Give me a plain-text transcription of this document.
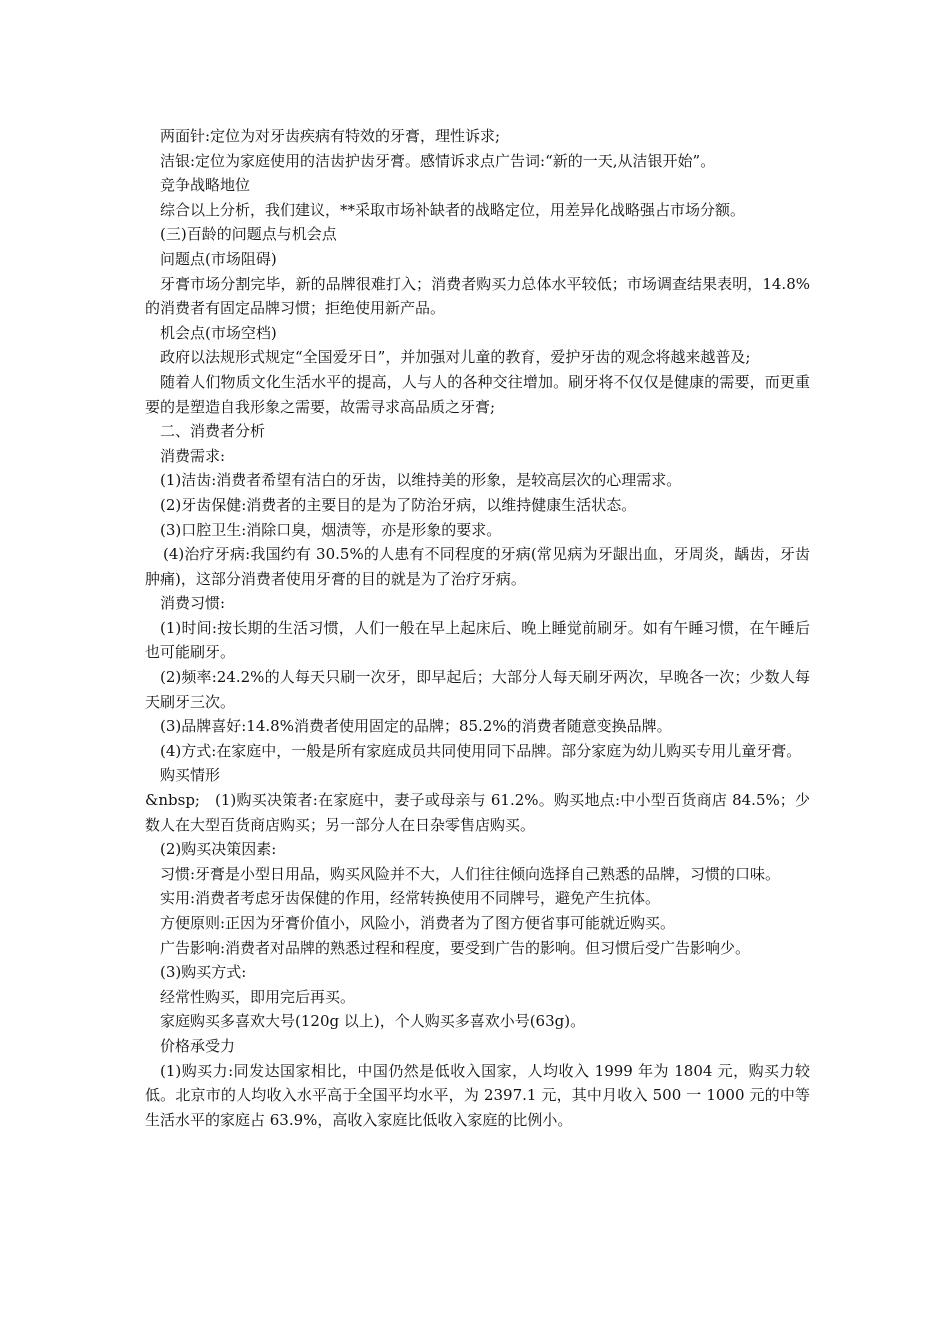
两面针:定位为对牙齿疾病有特效的牙膏，理性诉求;

洁银:定位为家庭使用的洁齿护齿牙膏。感情诉求点广告词:“新的一天,从洁银开始”。

竞争战略地位

综合以上分析，我们建议，**采取市场补缺者的战略定位，用差异化战略强占市场分额。

(三)百龄的问题点与机会点

问题点(市场阻碍)

牙膏市场分割完毕，新的品牌很难打入；消费者购买力总体水平较低；市场调查结果表明，14.8%的消费者有固定品牌习惯；拒绝使用新产品。

机会点(市场空档)

政府以法规形式规定“全国爱牙日”，并加强对儿童的教育，爱护牙齿的观念将越来越普及;

随着人们物质文化生活水平的提高，人与人的各种交往增加。刷牙将不仅仅是健康的需要，而更重要的是塑造自我形象之需要，故需寻求高品质之牙膏;

二、消费者分析

消费需求:

(1)洁齿:消费者希望有洁白的牙齿，以维持美的形象，是较高层次的心理需求。

(2)牙齿保健:消费者的主要目的是为了防治牙病，以维持健康生活状态。

(3)口腔卫生:消除口臭，烟渍等，亦是形象的要求。

(4)治疗牙病:我国约有 30.5%的人患有不同程度的牙病(常见病为牙龈出血，牙周炎，龋齿，牙齿肿痛)，这部分消费者使用牙膏的目的就是为了治疗牙病。

消费习惯:

(1)时间:按长期的生活习惯，人们一般在早上起床后、晚上睡觉前刷牙。如有午睡习惯，在午睡后也可能刷牙。

(2)频率:24.2%的人每天只刷一次牙，即早起后；大部分人每天刷牙两次，早晚各一次；少数人每天刷牙三次。

(3)品牌喜好:14.8%消费者使用固定的品牌；85.2%的消费者随意变换品牌。

(4)方式:在家庭中，一般是所有家庭成员共同使用同下品牌。部分家庭为幼儿购买专用儿童牙膏。

购买情形

&nbsp;   (1)购买决策者:在家庭中，妻子或母亲与 61.2%。购买地点:中小型百货商店 84.5%；少数人在大型百货商店购买；另一部分人在日杂零售店购买。

(2)购买决策因素:

习惯:牙膏是小型日用品，购买风险并不大，人们往往倾向选择自己熟悉的品牌，习惯的口味。

实用:消费者考虑牙齿保健的作用，经常转换使用不同牌号，避免产生抗体。

方便原则:正因为牙膏价值小，风险小，消费者为了图方便省事可能就近购买。

广告影响:消费者对品牌的熟悉过程和程度，要受到广告的影响。但习惯后受广告影响少。

(3)购买方式:

经常性购买，即用完后再买。

家庭购买多喜欢大号(120g 以上)，个人购买多喜欢小号(63g)。

价格承受力

(1)购买力:同发达国家相比，中国仍然是低收入国家，人均收入 1999 年为 1804 元，购买力较低。北京市的人均收入水平高于全国平均水平，为 2397.1 元，其中月收入 500 一 1000 元的中等生活水平的家庭占 63.9%，高收入家庭比低收入家庭的比例小。
